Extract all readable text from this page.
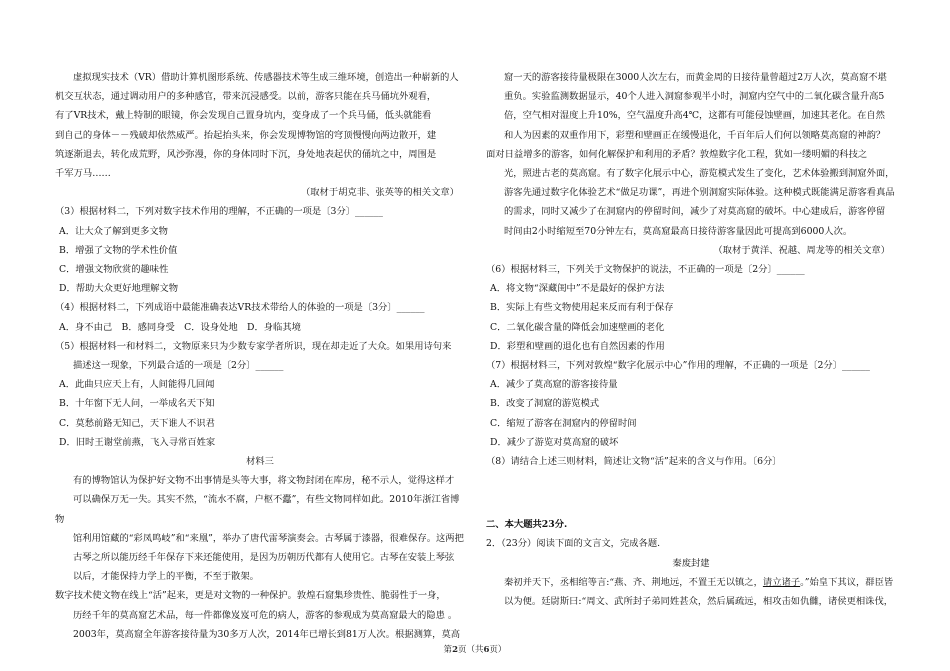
虚拟现实技术（VR）借助计算机图形系统、传感器技术等生成三维环境，创造出一种崭新的人

机交互状态，通过调动用户的多种感官，带来沉浸感受。以前，游客只能在兵马俑坑外观看，

有了VR技术，戴上特制的眼镜，你会发现自己置身坑内，变身成了一个兵马俑，低头就能看

到自己的身体－－残破却依然威严。抬起抬头来，你会发现博物馆的穹顶慢慢向两边散开，建

筑逐渐退去，转化成荒野，风沙弥漫，你的身体同时下沉，身处地表起伏的俑坑之中，周围是

千军万马……

（取材于胡克非、张英等的相关文章）

（3）根据材料二，下列对数字技术作用的理解，不正确的一项是〔3分〕______

A．让大众了解到更多文物

B．增强了文物的学术性价值

C．增强文物欣赏的趣味性

D．帮助大众更好地理解文物

（4）根据材料二，下列成语中最能准确表达VR技术带给人的体验的一项是〔3分〕______

A．身不由己　B．感同身受　C．设身处地　D．身临其境

（5）根据材料一和材料二，文物原来只为少数专家学者所识，现在却走近了大众。如果用诗句来

描述这一现象，下列最合适的一项是〔2分〕______

A．此曲只应天上有，人间能得几回闻

B．十年窗下无人问，一举成名天下知

C．莫愁前路无知己，天下谁人不识君

D．旧时王谢堂前燕，飞入寻常百姓家

材料三

有的博物馆认为保护好文物不出事情是头等大事，将文物封闭在库房，秘不示人，觉得这样才

可以确保万无一失。其实不然，“流水不腐，户枢不蠹”，有些文物同样如此。2010年浙江省博物

馆利用馆藏的“彩凤鸣岐”和“来凰”，举办了唐代雷琴演奏会。古琴属于漆器，很难保存。这两把

古琴之所以能历经千年保存下来还能使用，是因为历朝历代都有人使用它。古琴在安装上琴弦

以后，才能保持力学上的平衡，不至于散架。

数字技术使文物在线上“活”起来，更是对文物的一种保护。敦煌石窟集珍贵性、脆弱性于一身，

历经千年的莫高窟艺术品，每一件都像岌岌可危的病人，游客的参观成为莫高窟最大的隐患 。

2003年，莫高窟全年游客接待量为30多万人次，2014年已增长到81万人次。根据测算，莫高

窟一天的游客接待量极限在3000人次左右，而黄金周的日接待量曾超过2万人次，莫高窟不堪

重负。实验监测数据显示，40个人进入洞窟参观半小时，洞窟内空气中的二氧化碳含量升高5

倍，空气相对湿度上升10%，空气温度升高4℃，这都有可能侵蚀壁画，加速其老化。在自然

和人为因素的双重作用下，彩塑和壁画正在缓慢退化，千百年后人们何以领略莫高窟的神韵？

面对日益增多的游客，如何化解保护和利用的矛盾？敦煌数字化工程，犹如一缕明媚的科技之

光，照进古老的莫高窟。有了数字化展示中心，游览模式发生了变化，艺术体验搬到洞窟外面，

游客先通过数字化体验艺术“做足功课”，再进个别洞窟实际体验。这种模式既能满足游客看真品

的需求，同时又减少了在洞窟内的停留时间，减少了对莫高窟的破坏。中心建成后，游客停留

时间由2小时缩短至70分钟左右，莫高窟最高日接待游客量因此可提高到6000人次。

（取材于黄洋、祝越、周龙等的相关文章）

（6）根据材料三，下列关于文物保护的说法，不正确的一项是〔2分〕______

A．将文物“深藏闺中”不是最好的保护方法

B．实际上有些文物使用起来反而有利于保存

C．二氧化碳含量的降低会加速壁画的老化

D．彩塑和壁画的退化也有自然因素的作用

（7）根据材料三，下列对敦煌“数字化展示中心”作用的理解，不正确的一项是〔2分〕______

A．减少了莫高窟的游客接待量

B．改变了洞窟的游览模式

C．缩短了游客在洞窟内的停留时间

D．减少了游览对莫高窟的破坏

（8）请结合上述三则材料，简述让文物“活”起来的含义与作用。〔6分〕

二、本大题共23分.

2．（23分）阅读下面的文言文，完成各题.

秦废封建

秦初并天下，丞相绾等言:“燕、齐、荆地远，不置王无以镇之，请立诸子。”始皇下其议，群臣皆

以为便。廷尉斯曰:“周文、武所封子弟同姓甚众，然后属疏远，相攻击如仇雠，诸侯更相诛伐，

第2页（共6页）
